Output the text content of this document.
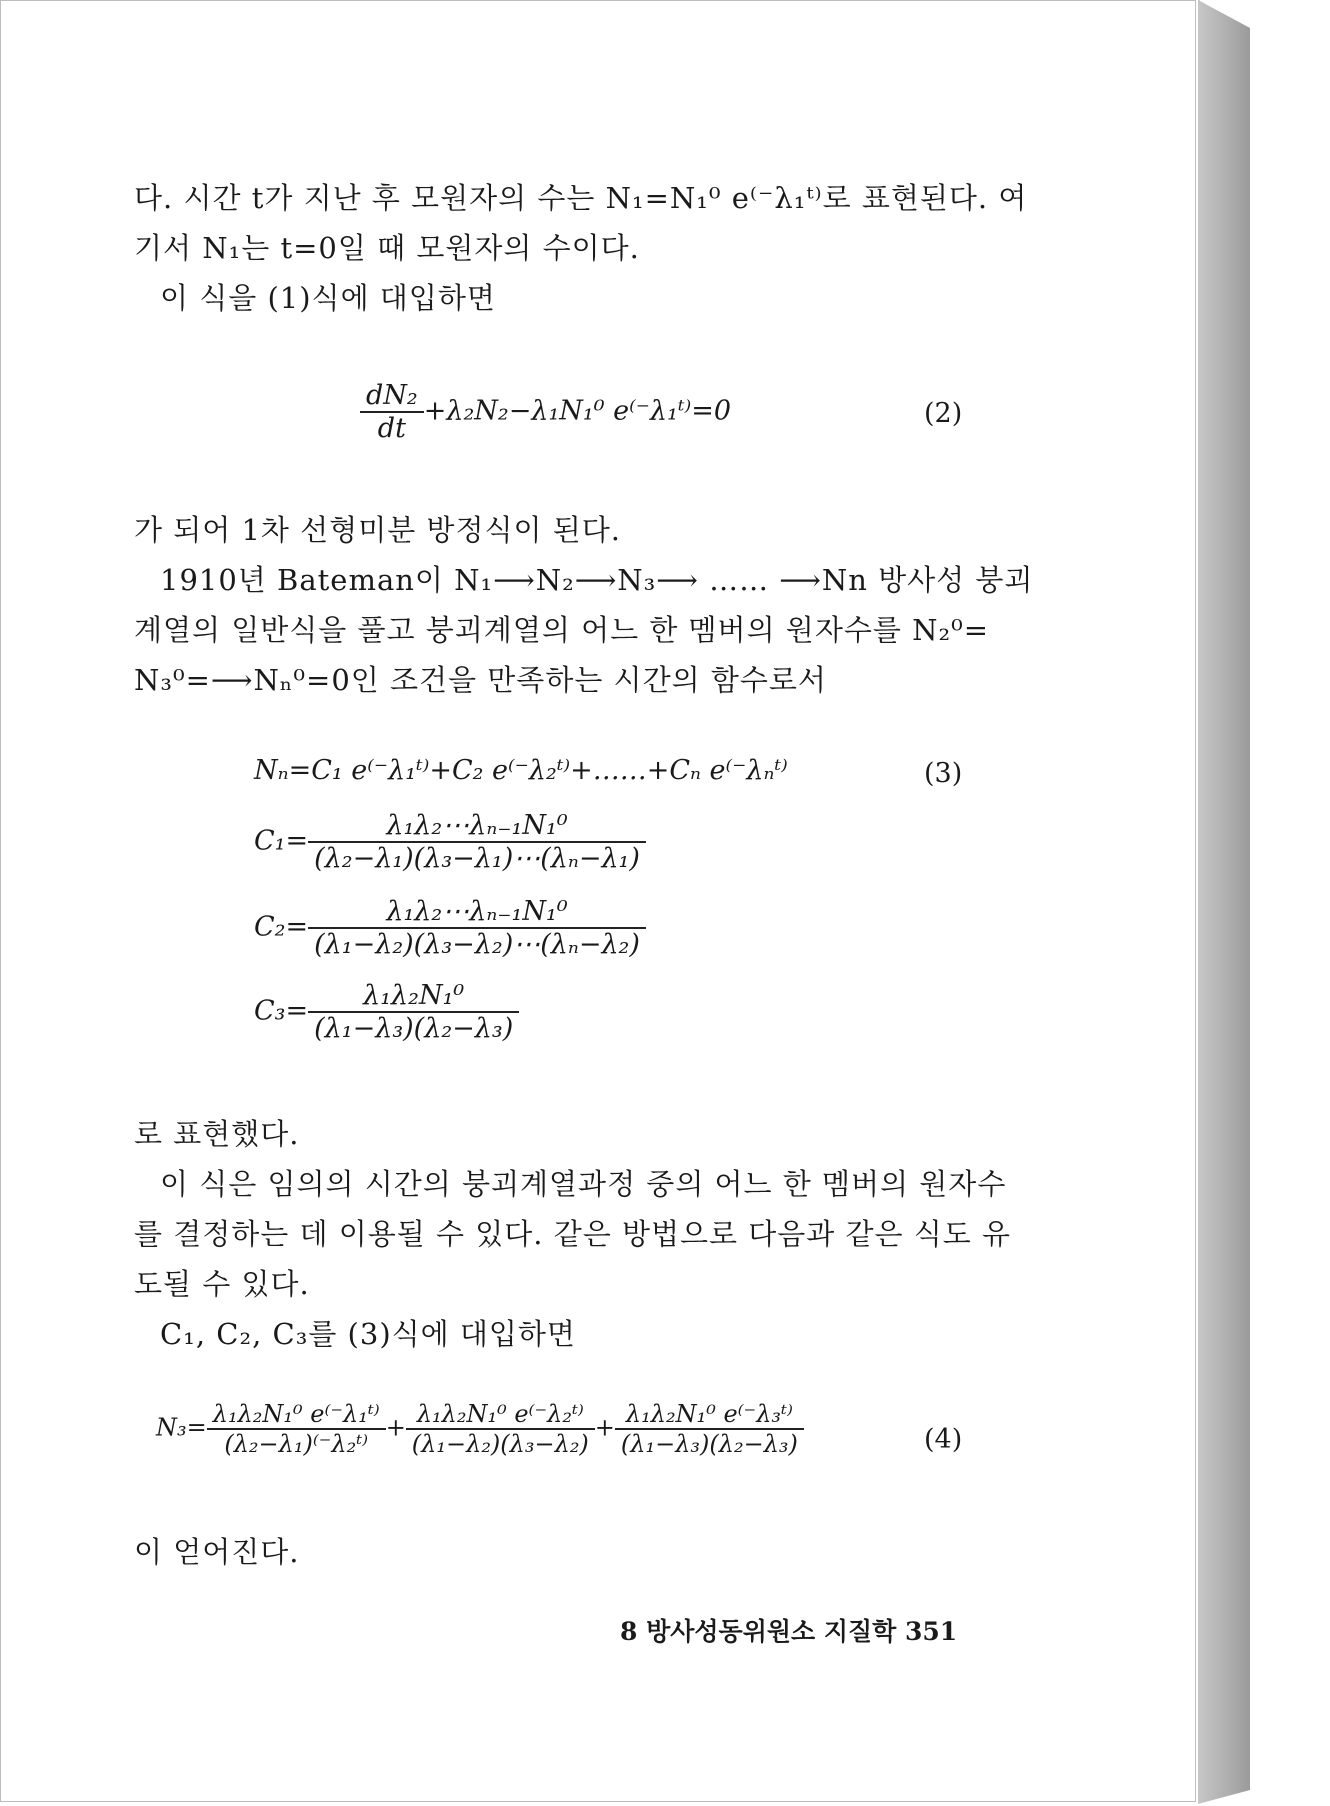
다. 시간 t가 지난 후 모원자의 수는 N₁=N₁⁰ e⁽⁻λ₁ᵗ⁾로 표현된다. 여
기서 N₁는 t=0일 때 모원자의 수이다.
이 식을 (1)식에 대입하면
$\frac{\text{dN₂}}{dt} +\lambda_2N_2-\lambda_1N_1^0$ e⁽⁻λ₁ᵗ⁾=0	(2)
가 되어 1차 선형미분 방정식이 된다.
1910년 Bateman이 N₁⟶N₂⟶N₃⟶ …… ⟶Nn 방사성 붕괴
계열의 일반식을 풀고 붕괴계열의 어느 한 멤버의 원자수를 N₂⁰=
N₃⁰=⟶Nₙ⁰=0인 조건을 만족하는 시간의 함수로서
Nₙ=C₁ e⁽⁻λ₁ᵗ⁾+C₂ e⁽⁻λ₂ᵗ⁾+……+Cₙ e⁽⁻λₙᵗ⁾	(3)
$C_1= \frac{\text{λ₁λ₂⋯λₙ₋₁N₁⁰}}{\text{(λ₂−λ₁)(λ₃−λ₁)⋯(λₙ−λ₁)}}$
$C_2= \frac{\text{λ₁λ₂⋯λₙ₋₁N₁⁰}}{\text{(λ₁−λ₂)(λ₃−λ₂)⋯(λₙ−λ₂)}}$
$C_3= \frac{\text{λ₁λ₂N₁⁰}}{\text{(λ₁−λ₃)(λ₂−λ₃)}}$
로 표현했다.
이 식은 임의의 시간의 붕괴계열과정 중의 어느 한 멤버의 원자수
를 결정하는 데 이용될 수 있다. 같은 방법으로 다음과 같은 식도 유
도될 수 있다.
C₁, C₂, C₃를 (3)식에 대입하면
$N_3= \frac{\text{λ₁λ₂N₁⁰ e⁽⁻λ₁ᵗ⁾}}{\text{(λ₂−λ₁)⁽⁻λ₂ᵗ⁾}} + \frac{\text{λ₁λ₂N₁⁰ e⁽⁻λ₂ᵗ⁾}}{\text{(λ₁−λ₂)(λ₃−λ₂)}} + \frac{\text{λ₁λ₂N₁⁰ e⁽⁻λ₃ᵗ⁾}}{\text{(λ₁−λ₃)(λ₂−λ₃)}}$	(4)
이 얻어진다.
8 방사성동위원소 지질학 351
